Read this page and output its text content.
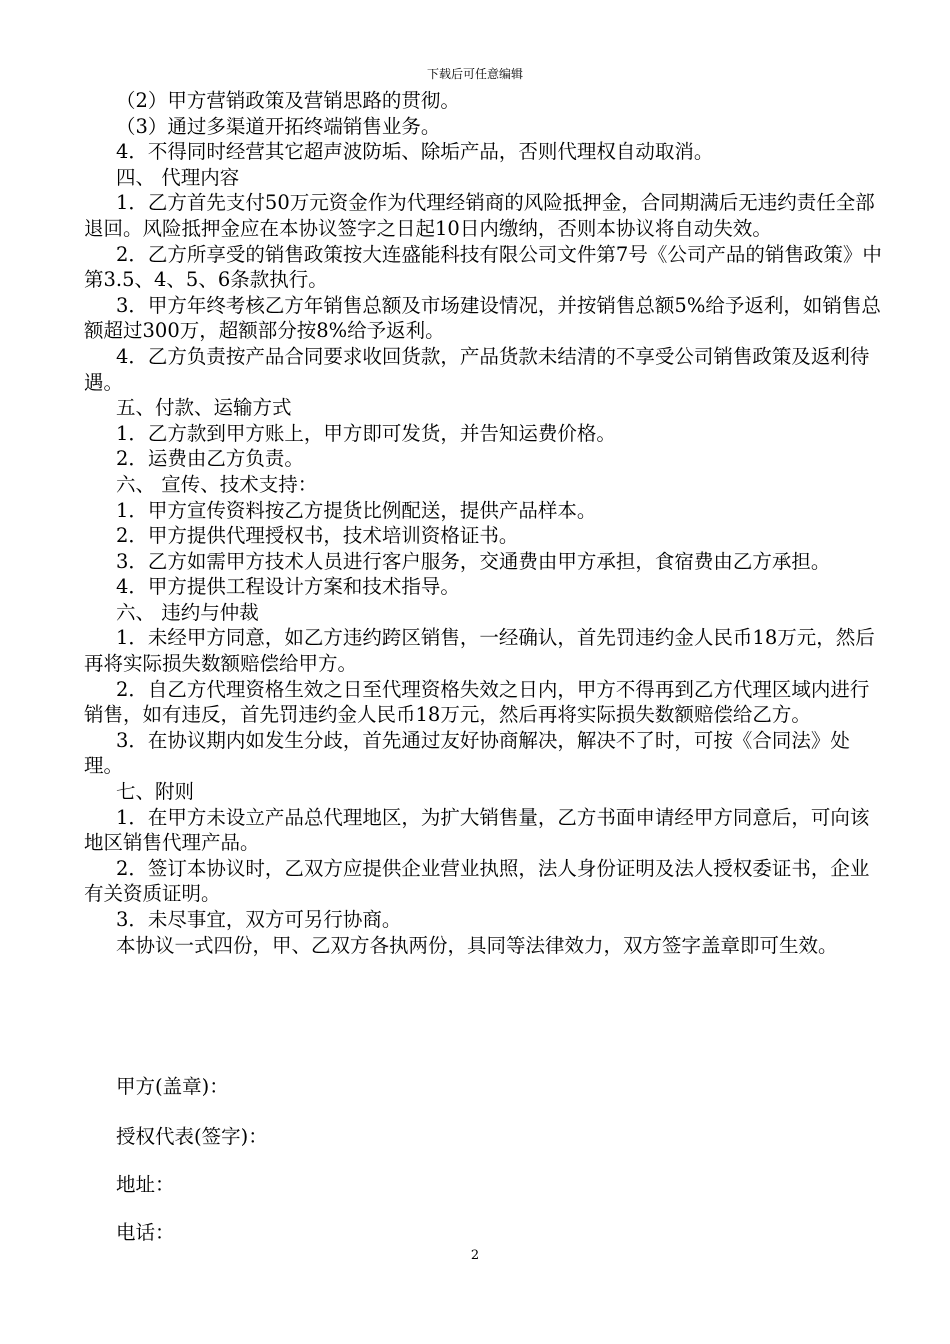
下载后可任意编辑

（2）甲方营销政策及营销思路的贯彻。

（3）通过多渠道开拓终端销售业务。

4．不得同时经营其它超声波防垢、除垢产品，否则代理权自动取消。

四、 代理内容

1．乙方首先支付50万元资金作为代理经销商的风险抵押金，合同期满后无违约责任全部退回。风险抵押金应在本协议签字之日起10日内缴纳，否则本协议将自动失效。

2．乙方所享受的销售政策按大连盛能科技有限公司文件第7号《公司产品的销售政策》中第3.5、4、5、6条款执行。

3．甲方年终考核乙方年销售总额及市场建设情况，并按销售总额5%给予返利，如销售总额超过300万，超额部分按8%给予返利。

4．乙方负责按产品合同要求收回货款，产品货款未结清的不享受公司销售政策及返利待遇。

五、付款、运输方式

1．乙方款到甲方账上，甲方即可发货，并告知运费价格。

2．运费由乙方负责。

六、 宣传、技术支持：

1．甲方宣传资料按乙方提货比例配送，提供产品样本。

2．甲方提供代理授权书，技术培训资格证书。

3．乙方如需甲方技术人员进行客户服务，交通费由甲方承担，食宿费由乙方承担。

4．甲方提供工程设计方案和技术指导。

六、 违约与仲裁

1．未经甲方同意，如乙方违约跨区销售，一经确认，首先罚违约金人民币18万元，然后再将实际损失数额赔偿给甲方。

2．自乙方代理资格生效之日至代理资格失效之日内，甲方不得再到乙方代理区域内进行销售，如有违反，首先罚违约金人民币18万元，然后再将实际损失数额赔偿给乙方。

3．在协议期内如发生分歧，首先通过友好协商解决，解决不了时，可按《合同法》处理。

七、附则

1．在甲方未设立产品总代理地区，为扩大销售量，乙方书面申请经甲方同意后，可向该地区销售代理产品。

2．签订本协议时，乙双方应提供企业营业执照，法人身份证明及法人授权委证书，企业有关资质证明。

3．未尽事宜，双方可另行协商。

本协议一式四份，甲、乙双方各执两份，具同等法律效力，双方签字盖章即可生效。

甲方(盖章)：
授权代表(签字)：
地址：
电话：
2
